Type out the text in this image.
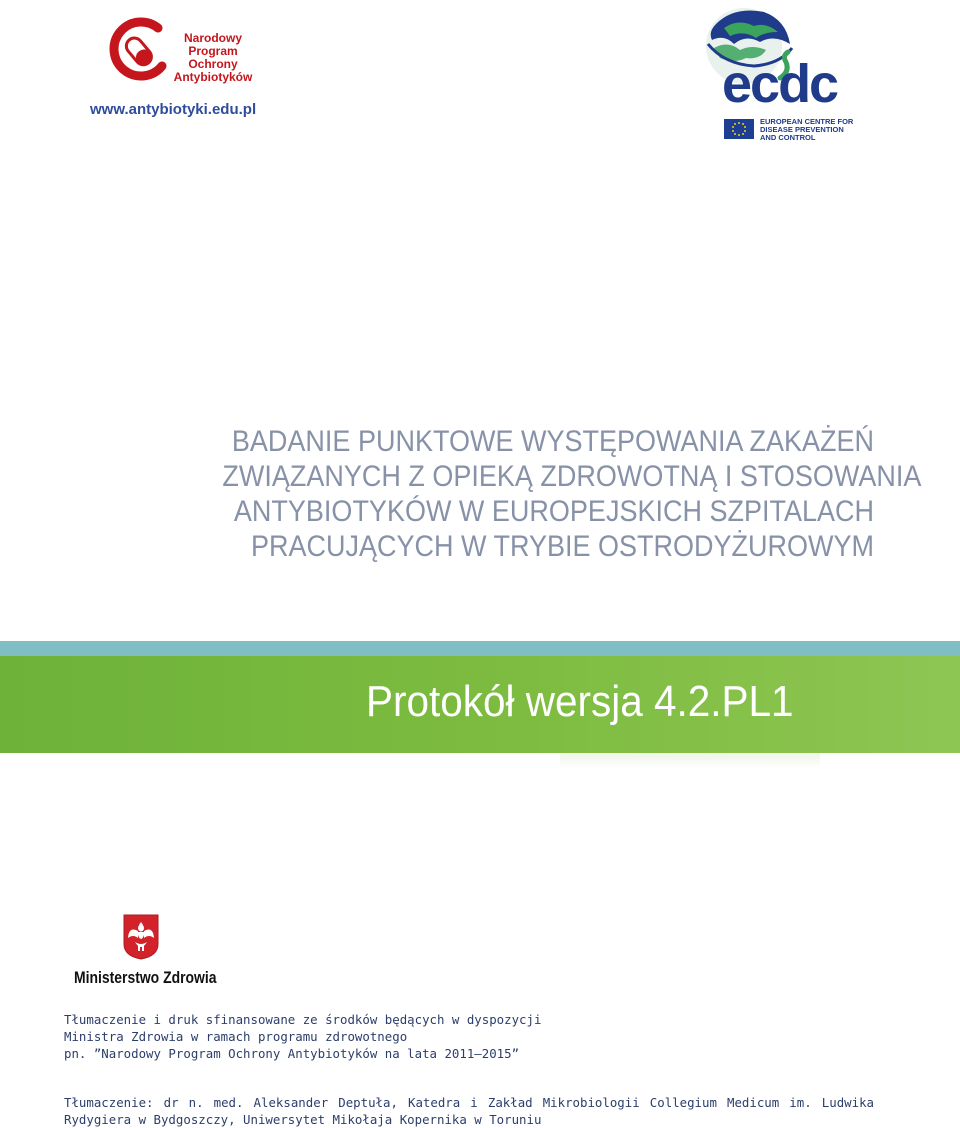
Narodowy
Program
Ochrony
Antybiotyków
www.antybiotyki.edu.pl	ecdc
EUROPEAN CENTRE FOR
DISEASE PREVENTION
AND CONTROL
BADANIE PUNKTOWE WYSTĘPOWANIA ZAKAŻEŃ
ZWIĄZANYCH Z OPIEKĄ ZDROWOTNĄ I STOSOWANIA
ANTYBIOTYKÓW W EUROPEJSKICH SZPITALACH
PRACUJĄCYCH W TRYBIE OSTRODYŻUROWYM
Protokół wersja 4.2.PL1
Ministerstwo Zdrowia
Tłumaczenie i druk sfinansowane ze środków będących w dyspozycji
Ministra Zdrowia w ramach programu zdrowotnego
pn. ”Narodowy Program Ochrony Antybiotyków na lata 2011–2015”
Tłumaczenie: dr n. med. Aleksander Deptuła, Katedra i Zakład Mikrobiologii Collegium Medicum im. Ludwika
Rydygiera w Bydgoszczy, Uniwersytet Mikołaja Kopernika w Toruniu
